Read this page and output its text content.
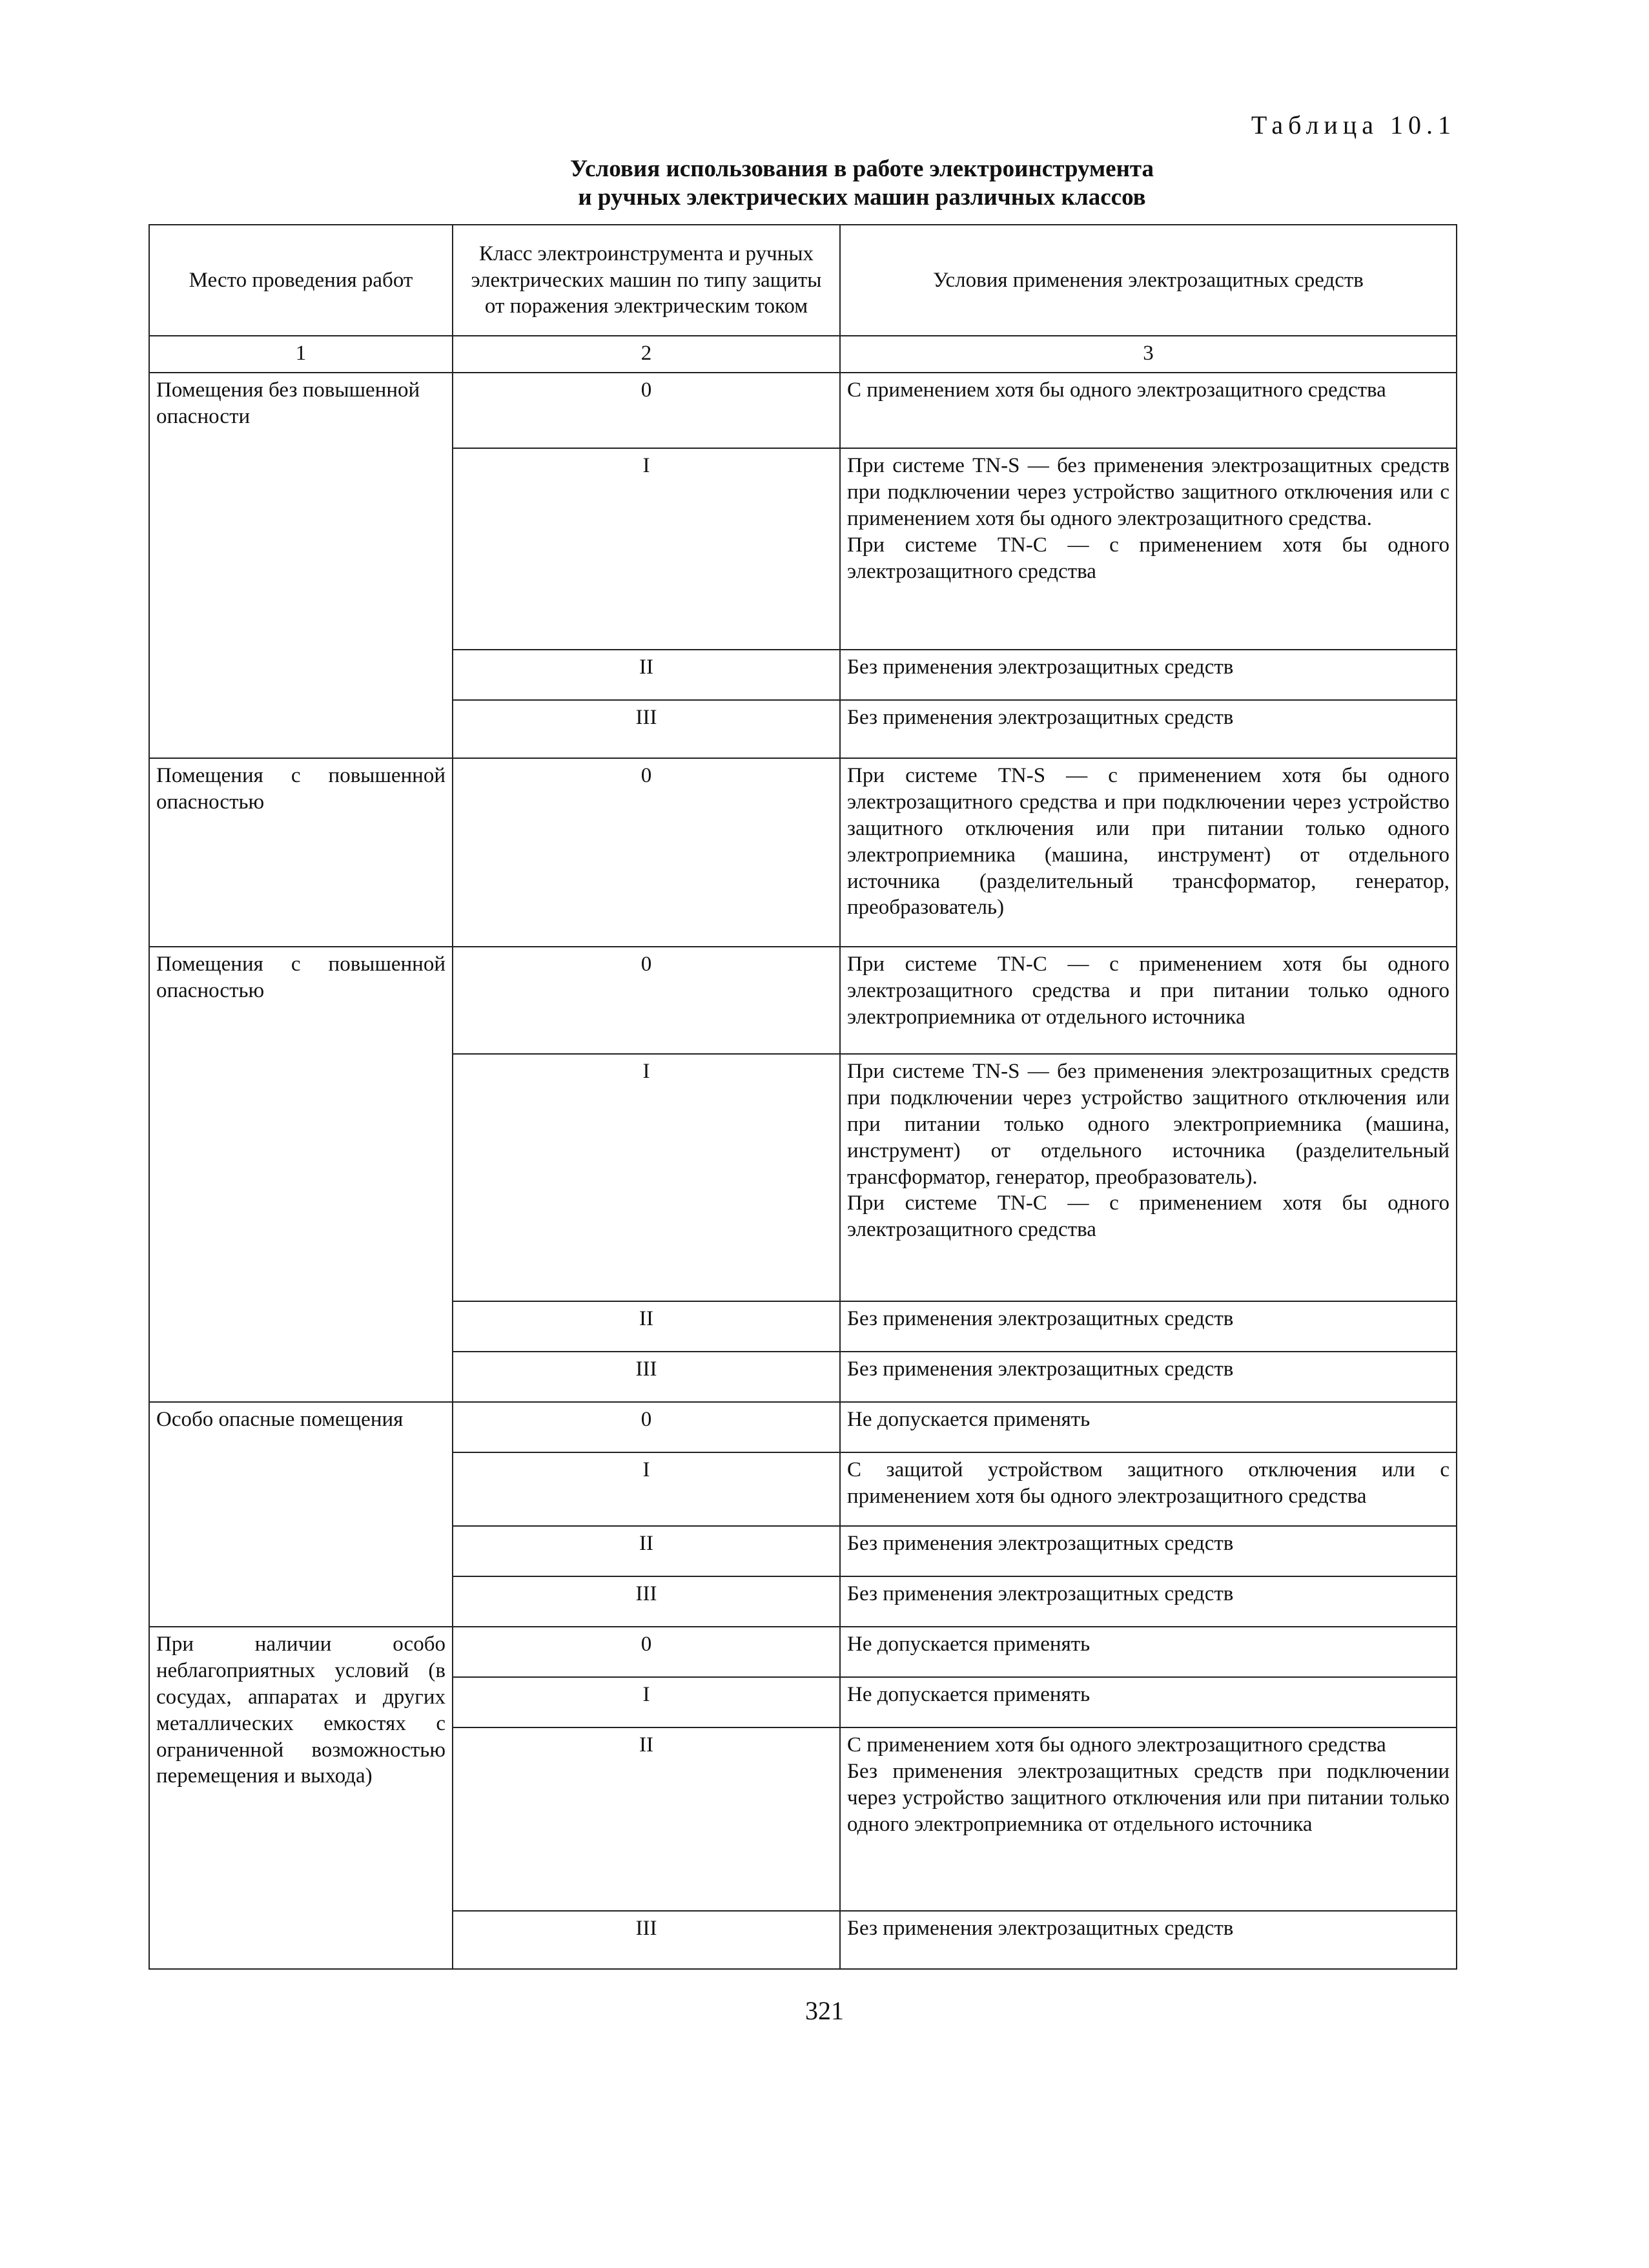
Таблица 10.1
Условия использования в работе электроинструмента
и ручных электрических машин различных классов
Место проведения работ	Класс электроинструмента и ручных электрических машин по типу защиты от поражения электрическим током	Условия применения электрозащитных средств
1	2	3
Помещения без повышенной опасности	0	С применением хотя бы одного электрозащитного средства

	I	При системе TN-S — без применения электрозащитных средств при подключении через устройство защитного отключения или с применением хотя бы одного электрозащитного средства.
При системе TN-C — с применением хотя бы одного электрозащитного средства

	II	Без применения электрозащитных средств

	III	Без применения электрозащитных средств

Помещения с повышенной опасностью	0	При системе TN-S — с применением хотя бы одного электрозащитного средства и при подключении через устройство защитного отключения или при питании только одного электроприемника (машина, инструмент) от отдельного источника (разделительный трансформатор, генератор, преобразователь)

Помещения с повышенной опасностью	0	При системе TN-C — с применением хотя бы одного электрозащитного средства и при питании только одного электроприемника от отдельного источника

	I	При системе TN-S — без применения электрозащитных средств при подключении через устройство защитного отключения или при питании только одного электроприемника (машина, инструмент) от отдельного источника (разделительный трансформатор, генератор, преобразователь).
При системе TN-C — с применением хотя бы одного электрозащитного средства

	II	Без применения электрозащитных средств

	III	Без применения электрозащитных средств

Особо опасные помещения	0	Не допускается применять

	I	С защитой устройством защитного отключения или с применением хотя бы одного электрозащитного средства

	II	Без применения электрозащитных средств

	III	Без применения электрозащитных средств

При наличии особо неблагоприятных условий (в сосудах, аппаратах и других металлических емкостях с ограниченной возможностью перемещения и выхода)	0	Не допускается применять

	I	Не допускается применять

	II	С применением хотя бы одного электрозащитного средства
Без применения электрозащитных средств при подключении через устройство защитного отключения или при питании только одного электроприемника от отдельного источника

	III	Без применения электрозащитных средств
321
